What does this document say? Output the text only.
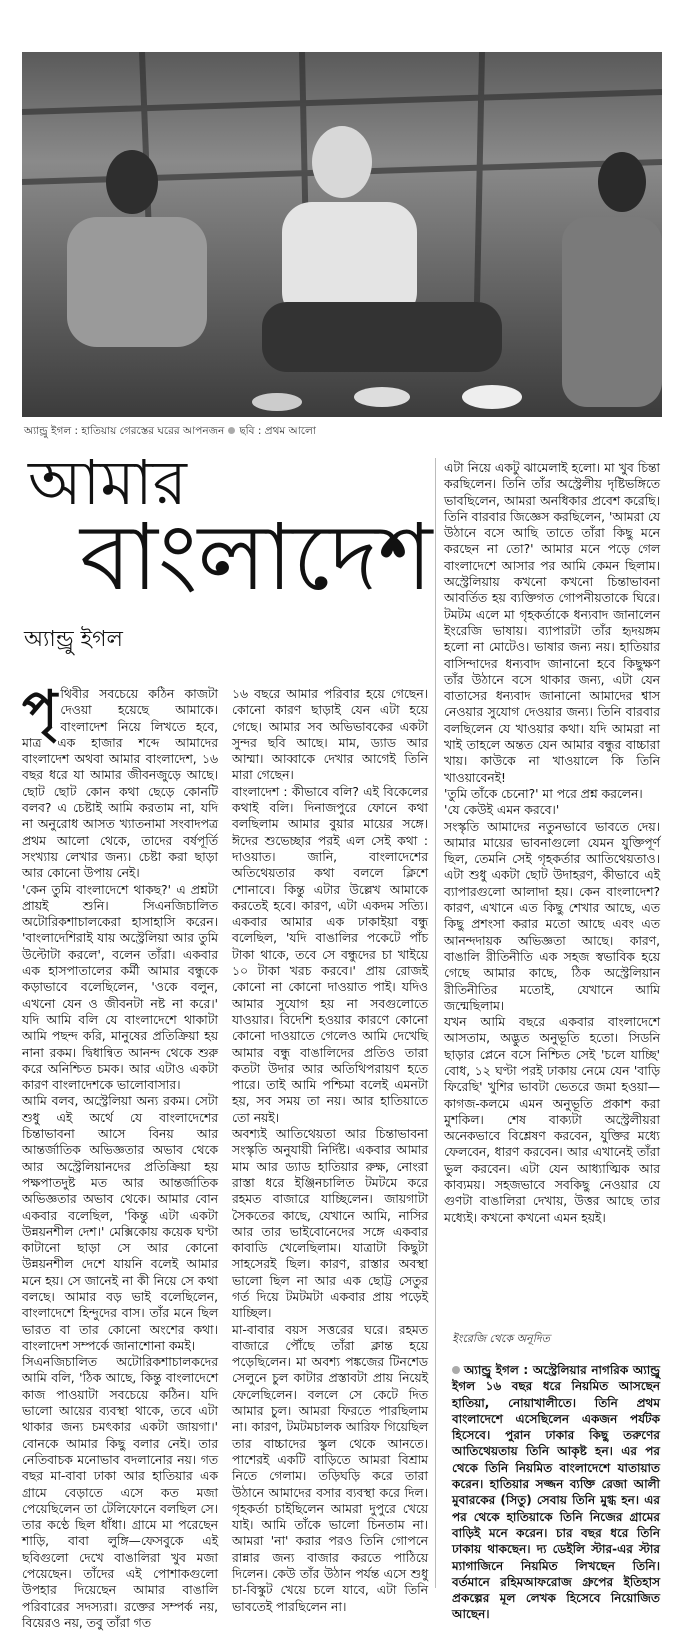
অ্যান্ড্রু ইগল : হাতিয়ায় গেরস্তের ঘরের আপনজন ছবি : প্রথম আলো
আমার
বাংলাদেশ
অ্যান্ড্রু ইগল

পৃথিবীর সবচেয়ে কঠিন কাজটা দেওয়া হয়েছে আমাকে। বাংলাদেশ নিয়ে লিখতে হবে, মাত্র এক হাজার শব্দে আমাদের বাংলাদেশ অথবা আমার বাংলাদেশ, ১৬ বছর ধরে যা আমার জীবনজুড়ে আছে। ছোট ছোট কোন কথা ছেড়ে কোনটি বলব? এ চেষ্টাই আমি করতাম না, যদি না অনুরোধ আসত খ্যাতনামা সংবাদপত্র প্রথম আলো থেকে, তাদের বর্ষপূর্তি সংখ্যায় লেখার জন্য। চেষ্টা করা ছাড়া আর কোনো উপায় নেই।

'কেন তুমি বাংলাদেশে থাকছ?' এ প্রশ্নটা প্রায়ই শুনি। সিএনজিচালিত অটোরিকশাচালকেরা হাসাহাসি করেন। 'বাংলাদেশিরাই যায় অস্ট্রেলিয়া আর তুমি উল্টোটা করলে', বলেন তাঁরা। একবার এক হাসপাতালের কর্মী আমার বন্ধুকে কড়াভাবে বলেছিলেন, 'ওকে বলুন, এখনো যেন ও জীবনটা নষ্ট না করে।' যদি আমি বলি যে বাংলাদেশে থাকাটা আমি পছন্দ করি, মানুষের প্রতিক্রিয়া হয় নানা রকম। দ্বিধান্বিত আনন্দ থেকে শুরু করে অনিশ্চিত চমক। আর এটাও একটা কারণ বাংলাদেশকে ভালোবাসার।

আমি বলব, অস্ট্রেলিয়া অন্য রকম। সেটা শুধু এই অর্থে যে বাংলাদেশের চিন্তাভাবনা আসে বিনয় আর আন্তর্জাতিক অভিজ্ঞতার অভাব থেকে আর অস্ট্রেলিয়ানদের প্রতিক্রিয়া হয় পক্ষপাতদুষ্ট মত আর আন্তর্জাতিক অভিজ্ঞতার অভাব থেকে। আমার বোন একবার বলেছিল, 'কিন্তু এটা একটা উন্নয়নশীল দেশ।' মেক্সিকোয় কয়েক ঘণ্টা কাটানো ছাড়া সে আর কোনো উন্নয়নশীল দেশে যায়নি বলেই আমার মনে হয়। সে জানেই না কী নিয়ে সে কথা বলছে। আমার বড় ভাই বলেছিলেন, বাংলাদেশে হিন্দুদের বাস। তাঁর মনে ছিল ভারত বা তার কোনো অংশের কথা। বাংলাদেশ সম্পর্কে জানাশোনা কমই।

সিএনজিচালিত অটোরিকশাচালকদের আমি বলি, 'ঠিক আছে, কিন্তু বাংলাদেশে কাজ পাওয়াটা সবচেয়ে কঠিন। যদি ভালো আয়ের ব্যবস্থা থাকে, তবে এটা থাকার জন্য চমৎকার একটা জায়গা।' বোনকে আমার কিছু বলার নেই। তার নেতিবাচক মনোভাব বদলানোর নয়। গত বছর মা-বাবা ঢাকা আর হাতিয়ার এক গ্রামে বেড়াতে এসে কত মজা পেয়েছিলেন তা টেলিফোনে বলছিল সে। তার কণ্ঠে ছিল ধাঁধা। গ্রামে মা পরেছেন শাড়ি, বাবা লুঙ্গি—ফেসবুকে এই ছবিগুলো দেখে বাঙালিরা খুব মজা পেয়েছেন। তাঁদের এই পোশাকগুলো উপহার দিয়েছেন আমার বাঙালি পরিবারের সদস্যরা। রক্তের সম্পর্ক নয়, বিয়েরও নয়, তবু তাঁরা গত

১৬ বছরে আমার পরিবার হয়ে গেছেন। কোনো কারণ ছাড়াই যেন এটা হয়ে গেছে। আমার সব অভিভাবকের একটা সুন্দর ছবি আছে। মাম, ড্যাড আর আম্মা। আব্বাকে দেখার আগেই তিনি মারা গেছেন।

বাংলাদেশ : কীভাবে বলি? এই বিকেলের কথাই বলি। দিনাজপুরে ফোনে কথা বলছিলাম আমার বুয়ার মায়ের সঙ্গে। ঈদের শুভেচ্ছার পরই এল সেই কথা : দাওয়াত। জানি, বাংলাদেশের অতিথেয়তার কথা বললে ক্লিশে শোনাবে। কিন্তু এটার উল্লেখ আমাকে করতেই হবে। কারণ, এটা একদম সত্যি। একবার আমার এক ঢাকাইয়া বন্ধু বলেছিল, 'যদি বাঙালির পকেটে পাঁচ টাকা থাকে, তবে সে বন্ধুদের চা খাইয়ে ১০ টাকা খরচ করবে।' প্রায় রোজই কোনো না কোনো দাওয়াত পাই। যদিও আমার সুযোগ হয় না সবগুলোতে যাওয়ার। বিদেশি হওয়ার কারণে কোনো কোনো দাওয়াতে গেলেও আমি দেখেছি আমার বন্ধু বাঙালিদের প্রতিও তারা কতটা উদার আর অতিথিপরায়ণ হতে পারে। তাই আমি পশ্চিমা বলেই এমনটা হয়, সব সময় তা নয়। আর হাতিয়াতে তো নয়ই।

অবশ্যই আতিথেয়তা আর চিন্তাভাবনা সংস্কৃতি অনুযায়ী নির্দিষ্ট। একবার আমার মাম আর ড্যাড হাতিয়ার রুক্ষ, নোংরা রাস্তা ধরে ইঞ্জিনচালিত টমটমে করে রহমত বাজারে যাচ্ছিলেন। জায়গাটা সৈকতের কাছে, যেখানে আমি, নাসির আর তার ভাইবোনেদের সঙ্গে একবার কাবাডি খেলেছিলাম। যাত্রাটা কিছুটা সাহসেরই ছিল। কারণ, রাস্তার অবস্থা ভালো ছিল না আর এক ছোট্ট সেতুর গর্ত দিয়ে টমটমটা একবার প্রায় পড়েই যাচ্ছিল।

মা-বাবার বয়স সত্তরের ঘরে। রহমত বাজারে পৌঁছে তাঁরা ক্লান্ত হয়ে পড়েছিলেন। মা অবশ্য পঙ্কজের টিনশেড সেলুনে চুল কাটার প্রস্তাবটা প্রায় নিয়েই ফেলেছিলেন। বললে সে কেটে দিত আমার চুল। আমরা ফিরতে পারছিলাম না। কারণ, টমটমচালক আরিফ গিয়েছিল তার বাচ্চাদের স্কুল থেকে আনতে। পাশেরই একটি বাড়িতে আমরা বিশ্রাম নিতে গেলাম। তড়িঘড়ি করে তারা উঠানে আমাদের বসার ব্যবস্থা করে দিল। গৃহকর্তা চাইছিলেন আমরা দুপুরে খেয়ে যাই। আমি তাঁকে ভালো চিনতাম না। আমরা 'না' করার পরও তিনি গোপনে রান্নার জন্য বাজার করতে পাঠিয়ে দিলেন। কেউ তাঁর উঠান পর্যন্ত এসে শুধু চা-বিস্কুট খেয়ে চলে যাবে, এটা তিনি ভাবতেই পারছিলেন না।

এটা নিয়ে একটু ঝামেলাই হলো। মা খুব চিন্তা করছিলেন। তিনি তাঁর অস্ট্রেলীয় দৃষ্টিভঙ্গিতে ভাবছিলেন, আমরা অনধিকার প্রবেশ করেছি। তিনি বারবার জিজ্ঞেস করছিলেন, 'আমরা যে উঠানে বসে আছি তাতে তাঁরা কিছু মনে করছেন না তো?' আমার মনে পড়ে গেল বাংলাদেশে আসার পর আমি কেমন ছিলাম। অস্ট্রেলিয়ায় কখনো কখনো চিন্তাভাবনা আবর্তিত হয় ব্যক্তিগত গোপনীয়তাকে ঘিরে। টমটম এলে মা গৃহকর্তাকে ধন্যবাদ জানালেন ইংরেজি ভাষায়। ব্যাপারটা তাঁর হৃদয়ঙ্গম হলো না মোটেও। ভাষার জন্য নয়। হাতিয়ার বাসিন্দাদের ধন্যবাদ জানানো হবে কিছুক্ষণ তাঁর উঠানে বসে থাকার জন্য, এটা যেন বাতাসের ধন্যবাদ জানানো আমাদের শ্বাস নেওয়ার সুযোগ দেওয়ার জন্য। তিনি বারবার বলছিলেন যে খাওয়ার কথা। যদি আমরা না খাই তাহলে অন্তত যেন আমার বন্ধুর বাচ্চারা খায়। কাউকে না খাওয়ালে কি তিনি খাওয়াবেনই!

'তুমি তাঁকে চেনো?' মা পরে প্রশ্ন করলেন।

'যে কেউই এমন করবে।'

সংস্কৃতি আমাদের নতুনভাবে ভাবতে দেয়। আমার মায়ের ভাবনাগুলো যেমন যুক্তিপূর্ণ ছিল, তেমনি সেই গৃহকর্তার আতিথেয়তাও। এটা শুধু একটা ছোট উদাহরণ, কীভাবে এই ব্যাপারগুলো আলাদা হয়। কেন বাংলাদেশ? কারণ, এখানে এত কিছু শেখার আছে, এত কিছু প্রশংসা করার মতো আছে এবং এত আনন্দদায়ক অভিজ্ঞতা আছে। কারণ, বাঙালি রীতিনীতি এক সহজ স্বভাবিক হয়ে গেছে আমার কাছে, ঠিক অস্ট্রেলিয়ান রীতিনীতির মতোই, যেখানে আমি জন্মেছিলাম।

যখন আমি বছরে একবার বাংলাদেশে আসতাম, অদ্ভুত অনুভূতি হতো। সিডনি ছাড়ার প্লেনে বসে নিশ্চিত সেই 'চলে যাচ্ছি' বোধ, ১২ ঘণ্টা পরই ঢাকায় নেমে যেন 'বাড়ি ফিরেছি' খুশির ভাবটা ভেতরে জমা হওয়া—কাগজ-কলমে এমন অনুভূতি প্রকাশ করা মুশকিল। শেষ বাক্যটা অস্ট্রেলীয়রা অনেকভাবে বিশ্লেষণ করবেন, যুক্তির মধ্যে ফেলবেন, ধারণ করবেন। আর এখানেই তাঁরা ভুল করবেন। এটা যেন আধ্যাত্মিক আর কাব্যময়। সহজভাবে সবকিছু নেওয়ার যে গুণটা বাঙালিরা দেখায়, উত্তর আছে তার মধ্যেই। কখনো কখনো এমন হয়ই।

ইংরেজি থেকে অনূদিত
অ্যান্ড্রু ইগল : অস্ট্রেলিয়ার নাগরিক অ্যান্ড্রু ইগল ১৬ বছর ধরে নিয়মিত আসছেন হাতিয়া, নোয়াখালীতে। তিনি প্রথম বাংলাদেশে এসেছিলেন একজন পর্যটক হিসেবে। পুরান ঢাকার কিছু তরুণের আতিথেয়তায় তিনি আকৃষ্ট হন। এর পর থেকে তিনি নিয়মিত বাংলাদেশে যাতায়াত করেন। হাতিয়ার সজ্জন ব্যক্তি রেজা আলী মুবারকের (সিতু) সেবায় তিনি মুগ্ধ হন। এর পর থেকে হাতিয়াকে তিনি নিজের গ্রামের বাড়িই মনে করেন। চার বছর ধরে তিনি ঢাকায় থাকছেন। দ্য ডেইলি স্টার-এর স্টার ম্যাগাজিনে নিয়মিত লিখছেন তিনি। বর্তমানে রহিমআফরোজ গ্রুপের ইতিহাস প্রকল্পের মূল লেখক হিসেবে নিয়োজিত আছেন।
